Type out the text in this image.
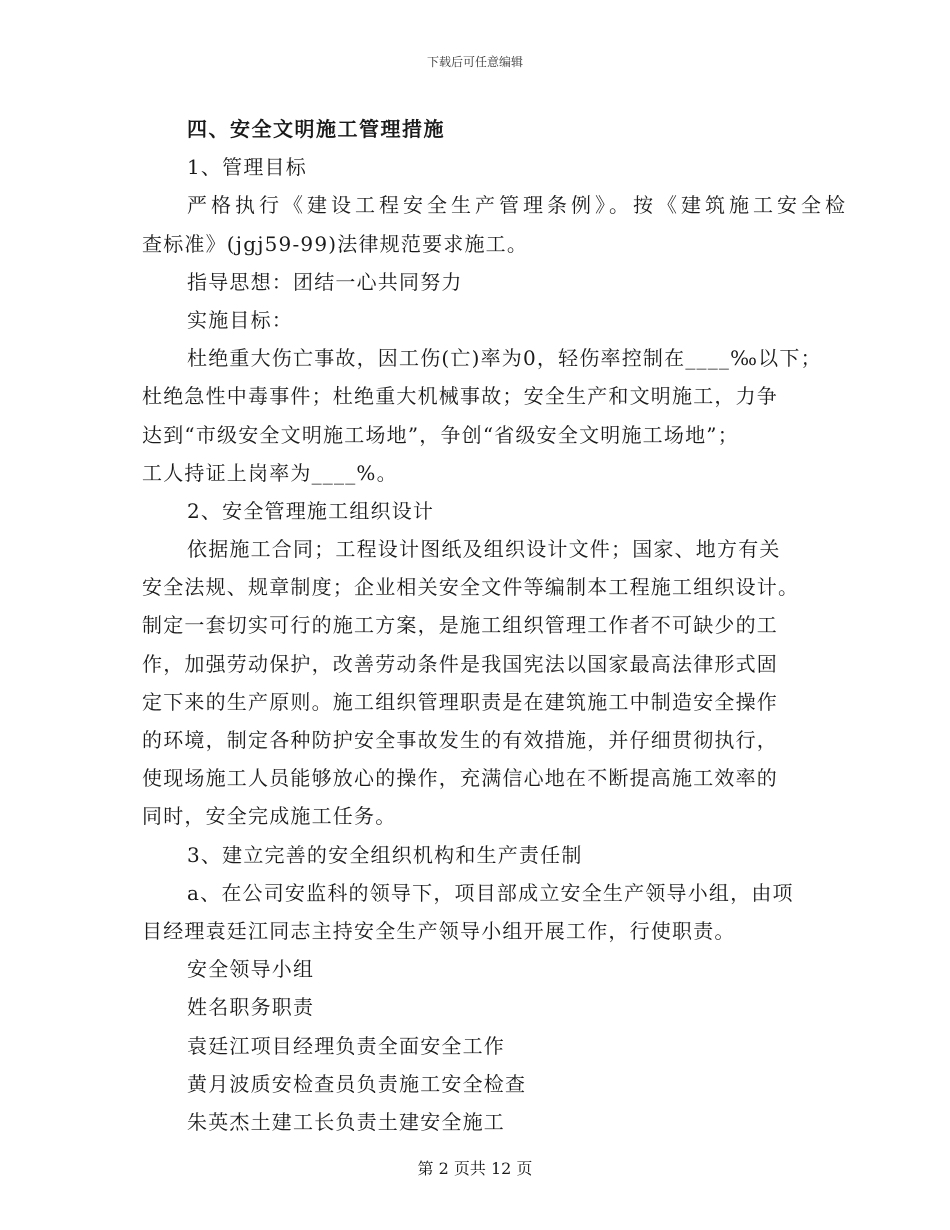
下载后可任意编辑
四、安全文明施工管理措施
1、管理目标
严格执行《建设工程安全生产管理条例》。按《建筑施工安全检
查标准》(jgj59-99)法律规范要求施工。
指导思想：团结一心共同努力
实施目标：
杜绝重大伤亡事故，因工伤(亡)率为0，轻伤率控制在____‰以下；
杜绝急性中毒事件；杜绝重大机械事故；安全生产和文明施工，力争
达到“市级安全文明施工场地”，争创“省级安全文明施工场地”；
工人持证上岗率为____%。
2、安全管理施工组织设计
依据施工合同；工程设计图纸及组织设计文件；国家、地方有关
安全法规、规章制度；企业相关安全文件等编制本工程施工组织设计。
制定一套切实可行的施工方案，是施工组织管理工作者不可缺少的工
作，加强劳动保护，改善劳动条件是我国宪法以国家最高法律形式固
定下来的生产原则。施工组织管理职责是在建筑施工中制造安全操作
的环境，制定各种防护安全事故发生的有效措施，并仔细贯彻执行，
使现场施工人员能够放心的操作，充满信心地在不断提高施工效率的
同时，安全完成施工任务。
3、建立完善的安全组织机构和生产责任制
a、在公司安监科的领导下，项目部成立安全生产领导小组，由项
目经理袁廷江同志主持安全生产领导小组开展工作，行使职责。
安全领导小组
姓名职务职责
袁廷江项目经理负责全面安全工作
黄月波质安检查员负责施工安全检查
朱英杰土建工长负责土建安全施工
第 2 页共 12 页
